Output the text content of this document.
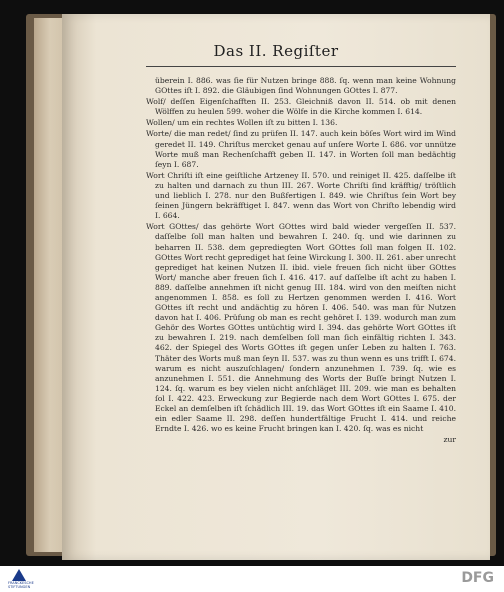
Das II. Regiſter

überein I. 886. was ſie für Nutzen bringe 888. ſq. wenn man keine Wohnung GOttes iſt I. 892. die Gläubigen ſind Wohnungen GOttes I. 877.

Wolf/ deſſen Eigenſchafften II. 253. Gleichniß davon II. 514. ob mit denen Wölffen zu heulen 599. woher die Wölfe in die Kirche kommen I. 614.

Wollen/ um ein rechtes Wollen iſt zu bitten I. 136.

Worte/ die man redet/ ſind zu prüfen II. 147. auch kein böſes Wort wird im Wind geredet II. 149. Chriſtus mercket genau auf unſere Worte I. 686. vor unnütze Worte muß man Rechenſchafft geben II. 147. in Worten ſoll man bedächtig ſeyn I. 687.

Wort Chriſti iſt eine geiſtliche Artzeney II. 570. und reiniget II. 425. daſſelbe iſt zu halten und darnach zu thun III. 267. Worte Chriſti ſind kräfftig/ tröſtlich und lieblich I. 278. nur den Bußfertigen I. 849. wie Chriſtus ſein Wort bey ſeinen Jüngern bekräfftiget I. 847. wenn das Wort von Chriſto lebendig wird I. 664.

Wort GOttes/ das gehörte Wort GOttes wird bald wieder vergeſſen II. 537. daſſelbe ſoll man halten und bewahren I. 240. ſq. und wie darinnen zu beharren II. 538. dem geprediegten Wort GOttes ſoll man folgen II. 102. GOttes Wort recht geprediget hat ſeine Wirckung I. 300. II. 261. aber unrecht geprediget hat keinen Nutzen II. ibid. viele freuen ſich nicht über GOttes Wort/ manche aber freuen ſich I. 416. 417. auf daſſelbe iſt acht zu haben I. 889. daſſelbe annehmen iſt nicht genug III. 184. wird von den meiſten nicht angenommen I. 858. es ſoll zu Hertzen genommen werden I. 416. Wort GOttes iſt recht und andächtig zu hören I. 406. 540. was man für Nutzen davon hat I. 406. Prüfung ob man es recht gehöret I. 139. wodurch man zum Gehör des Wortes GOttes untüchtig wird I. 394. das gehörte Wort GOttes iſt zu bewahren I. 219. nach demſelben ſoll man ſich einfältig richten I. 343. 462. der Spiegel des Worts GOttes iſt gegen unſer Leben zu halten I. 763. Thäter des Worts muß man ſeyn II. 537. was zu thun wenn es uns trifft I. 674. warum es nicht auszuſchlagen/ ſondern anzunehmen I. 739. ſq. wie es anzunehmen I. 551. die Annehmung des Worts der Buſſe bringt Nutzen I. 124. ſq. warum es bey vielen nicht anſchläget III. 209. wie man es behalten ſol I. 422. 423. Erweckung zur Begierde nach dem Wort GOttes I. 675. der Eckel an demſelben iſt ſchädlich III. 19. das Wort GOttes iſt ein Saame I. 410. ein edler Saame II. 298. deſſen hundertfältige Frucht I. 414. und reiche Erndte I. 426. wo es keine Frucht bringen kan I. 420. ſq. was es nicht

zur
FRANCKESCHE STIFTUNGEN
DFG
